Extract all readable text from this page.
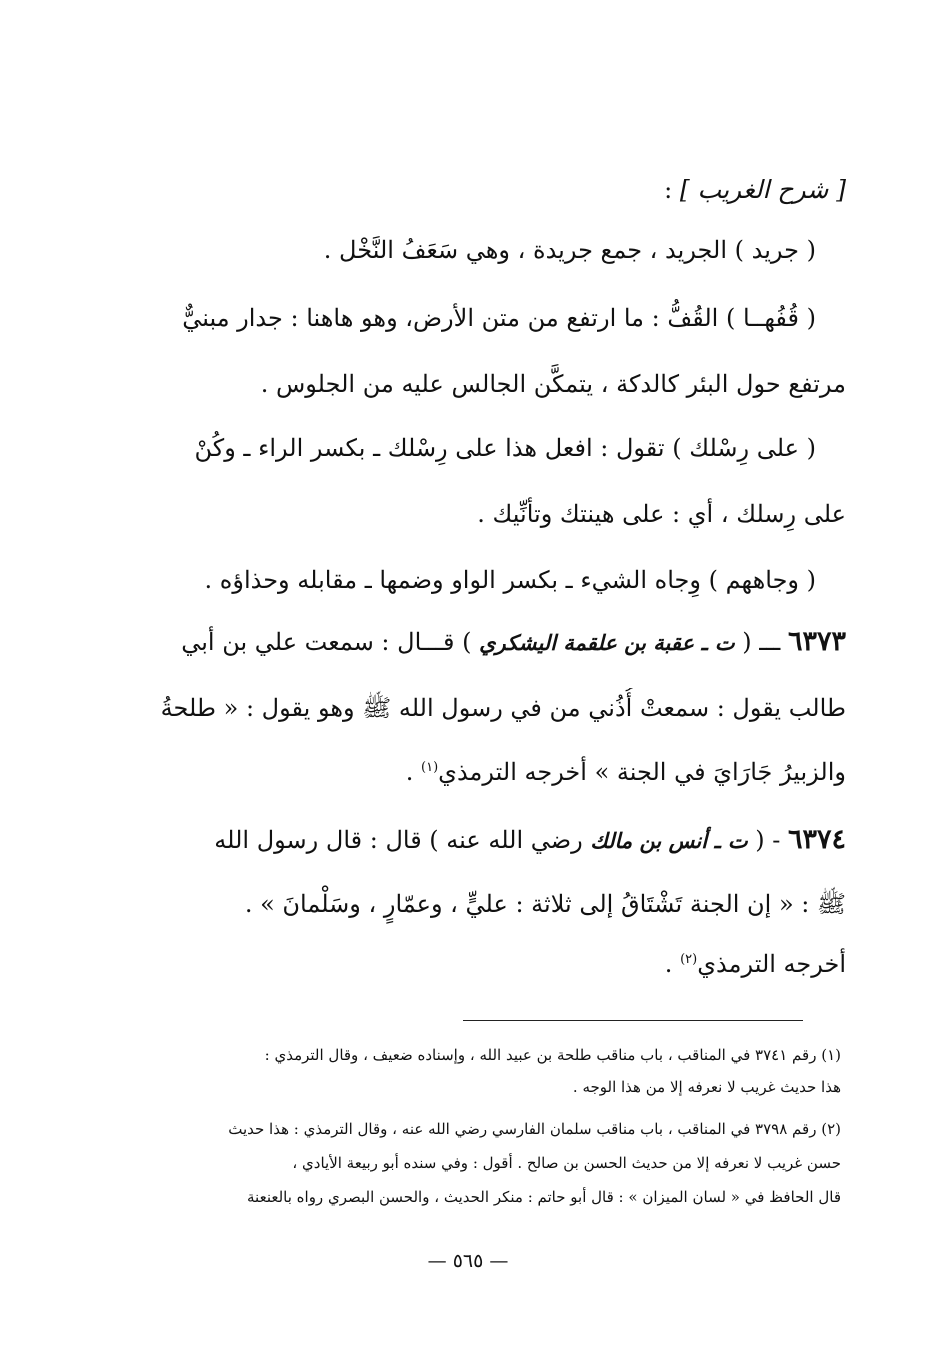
[ شرح الغريب ] :
( جريد ) الجريد ، جمع جريدة ، وهي سَعَفُ النَّخْل .
( قُفُهــا ) القُفُّ : ما ارتفع من متن الأرض، وهو هاهنا : جدار مبنيٌّ
مرتفع حول البئر كالدكة ، يتمكَّن الجالس عليه من الجلوس .
( على رِسْلك ) تقول : افعل هذا على رِسْلك ـ بكسر الراء ـ وكُنْ
على رِسلك ، أي : على هينتك وتأنِّيك .
( وجاههم ) وِجاه الشيء ـ بكسر الواو وضمها ـ مقابله وحذاؤه .
٦٣٧٣ ـــ ( ت ـ عقبة بن علقمة اليشكري ) قـــال : سمعت علي بن أبي
طالب يقول : سمعتْ أُذُني من في رسول الله ﷺ وهو يقول : « طلحةُ
والزبيرُ جَارَايَ في الجنة » أخرجه الترمذي$^{(١)}$ .
٦٣٧٤ - ( ت ـ أنس بن مالك رضي الله عنه ) قال : قال رسول الله
ﷺ : « إن الجنة تَشْتَاقُ إلى ثلاثة : عليٍّ ، وعمّارٍ ، وسَلْمانَ » .
أخرجه الترمذي$^{(٢)}$ .
(١) رقم ٣٧٤١ في المناقب ، باب مناقب طلحة بن عبيد الله ، وإسناده ضعيف ، وقال الترمذي :
هذا حديث غريب لا نعرفه إلا من هذا الوجه .
(٢) رقم ٣٧٩٨ في المناقب ، باب مناقب سلمان الفارسي رضي الله عنه ، وقال الترمذي : هذا حديث
حسن غريب لا نعرفه إلا من حديث الحسن بن صالح . أقول : وفي سنده أبو ربيعة الأيادي ،
قال الحافظ في « لسان الميزان » : قال أبو حاتم : منكر الحديث ، والحسن البصري رواه بالعنعنة
— ٥٦٥ —
